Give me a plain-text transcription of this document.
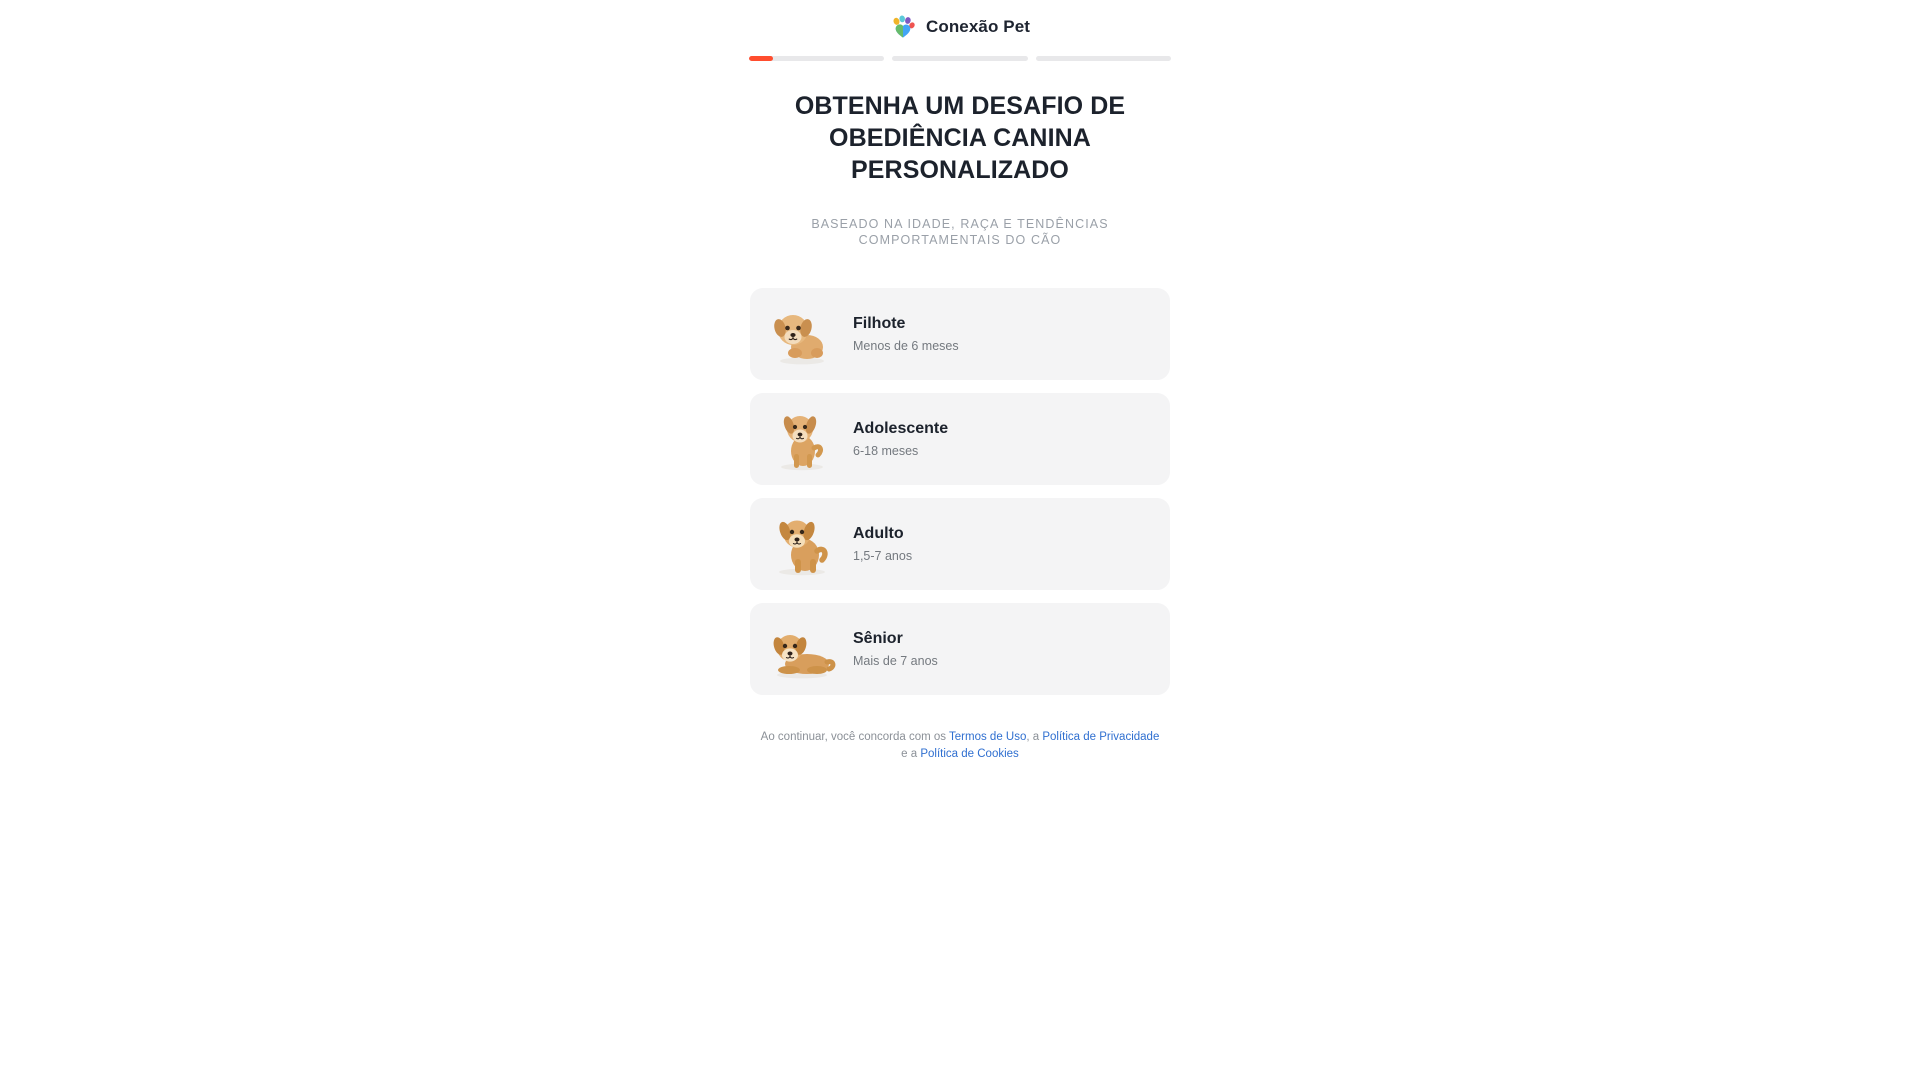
Conexão Pet
OBTENHA UM DESAFIO DE OBEDIÊNCIA CANINA PERSONALIZADO

BASEADO NA IDADE, RAÇA E TENDÊNCIAS COMPORTAMENTAIS DO CÃO

Filhote
Menos de 6 meses
Adolescente
6-18 meses
Adulto
1,5-7 anos
Sênior
Mais de 7 anos
Ao continuar, você concorda com os Termos de Uso, a Política de Privacidade e a Política de Cookies
